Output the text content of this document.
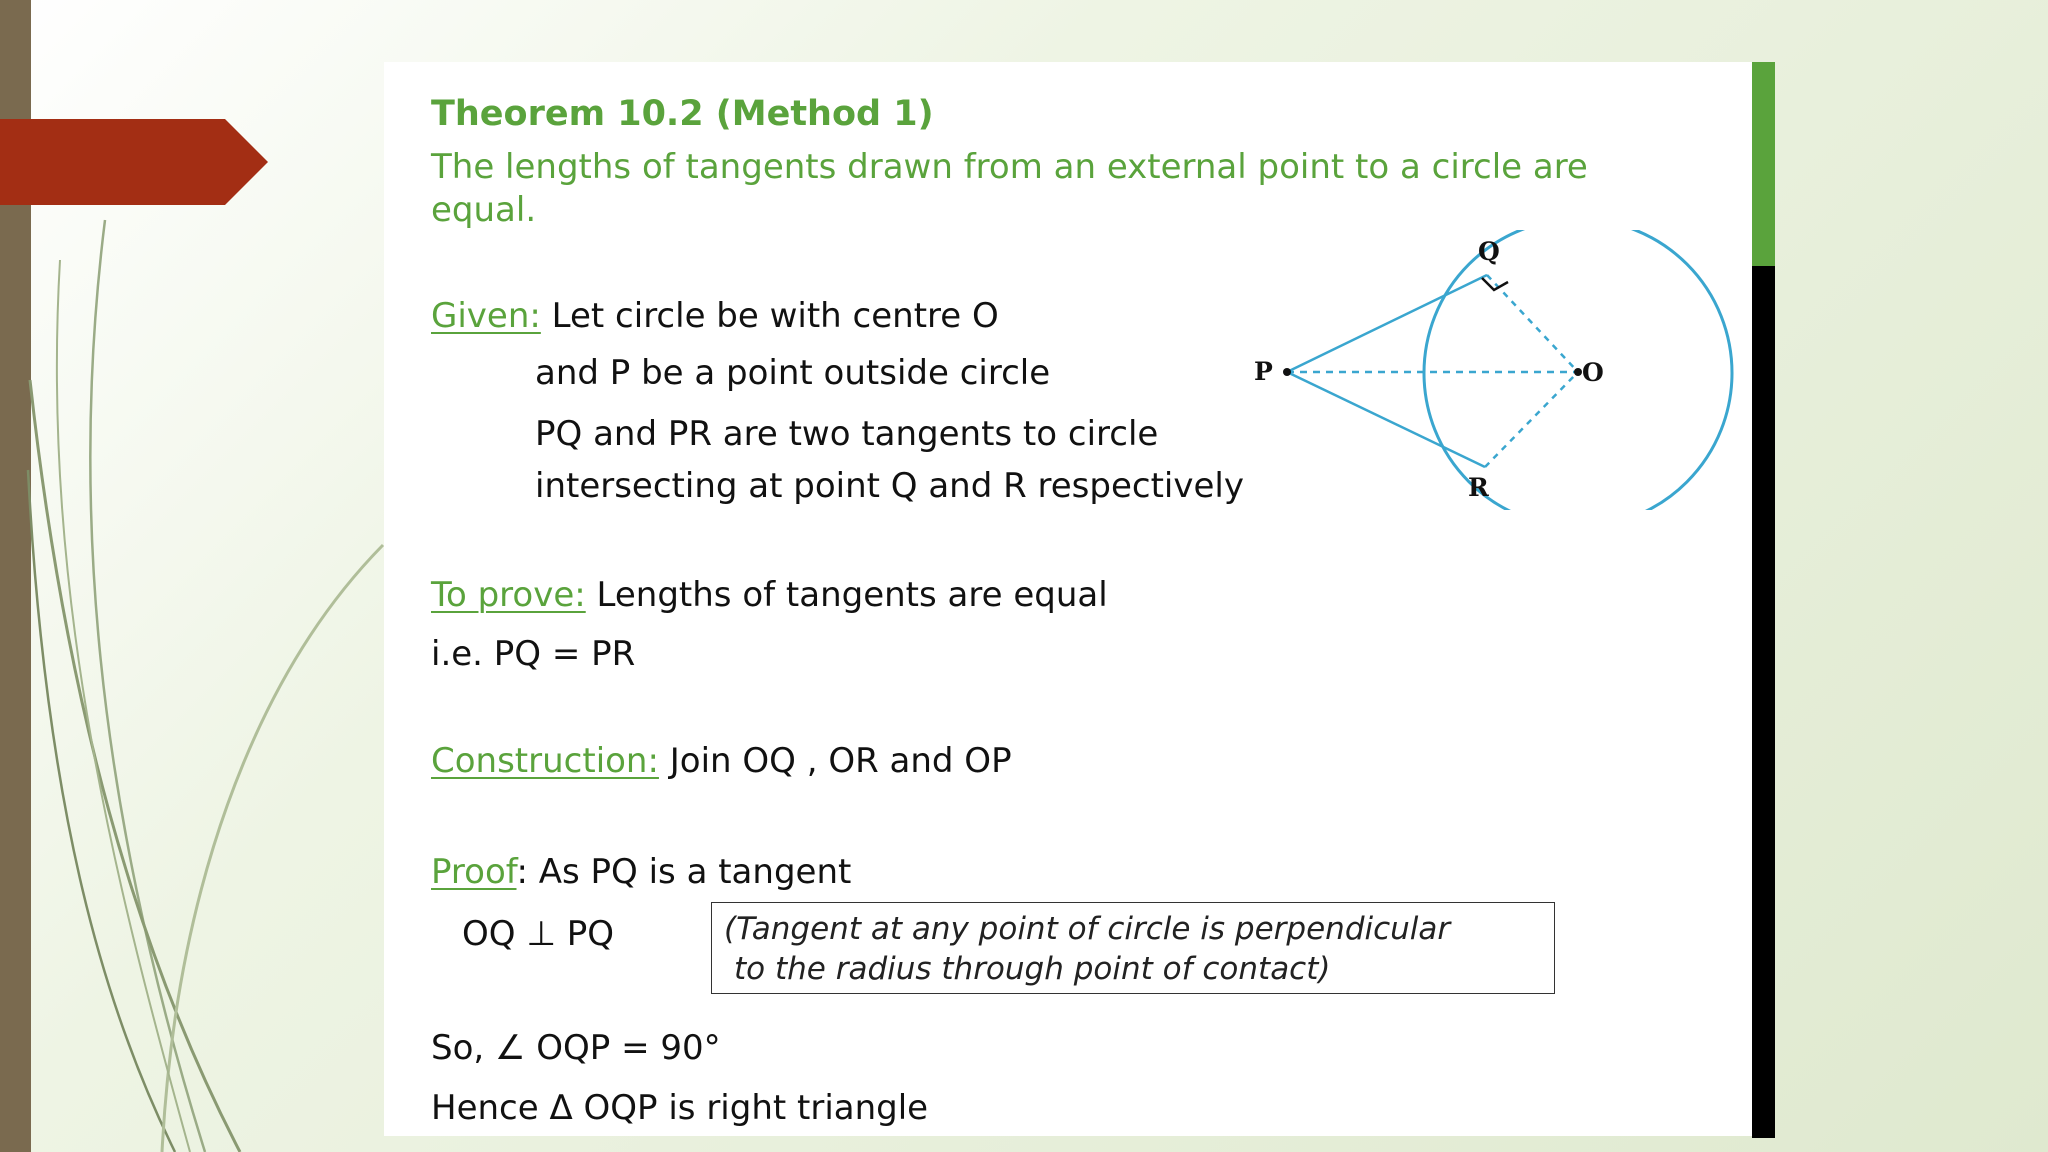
Theorem 10.2 (Method 1)

The lengths of tangents drawn from an external point to a circle are

equal.

Given: Let circle be with centre O

and P be a point outside circle

PQ and PR are two tangents to circle

intersecting at point Q and R respectively

To prove: Lengths of tangents are equal

i.e. PQ = PR

Construction: Join OQ , OR and OP

Proof: As PQ is a tangent

OQ ⊥ PQ	(Tangent at any point of circle is perpendicular
to the radius through point of contact)

So, ∠ OQP = 90°

Hence Δ OQP is right triangle

Q
P	O
R
